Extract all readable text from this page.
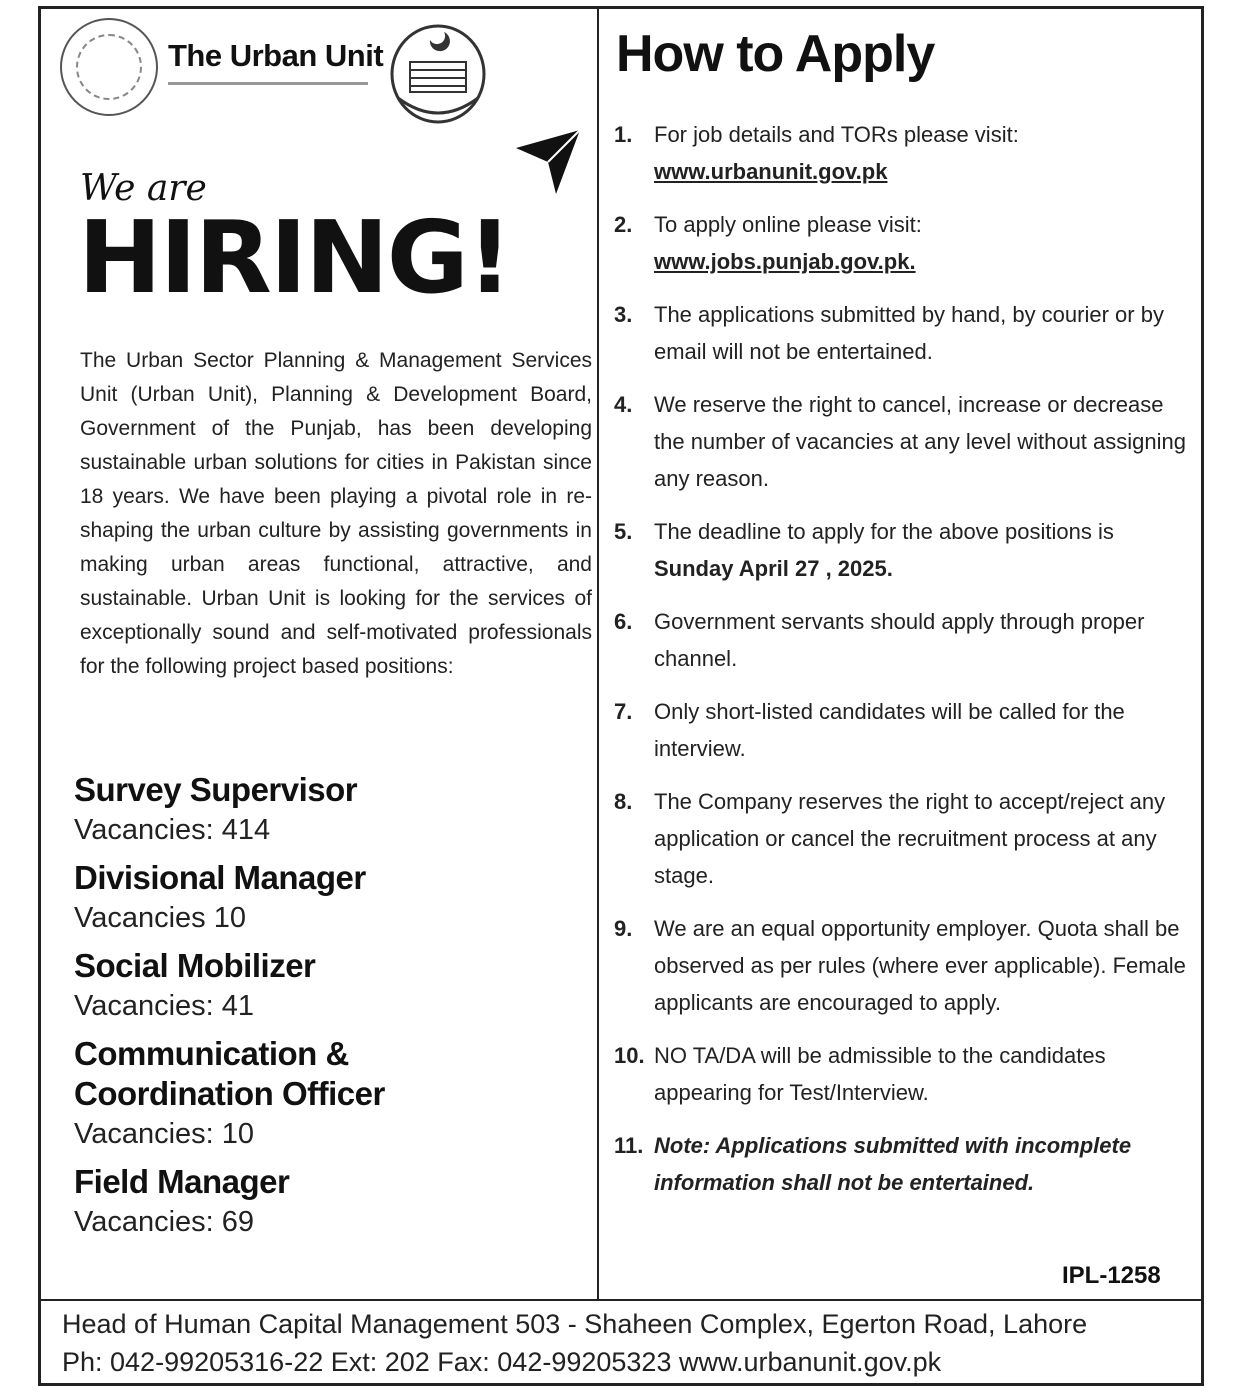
The Urban Unit
We are
HIRING!
The Urban Sector Planning & Management Services Unit (Urban Unit), Planning & Development Board, Government of the Punjab, has been developing sustainable urban solutions for cities in Pakistan since 18 years. We have been playing a pivotal role in re-shaping the urban culture by assisting governments in making urban areas functional, attractive, and sustainable. Urban Unit is looking for the services of exceptionally sound and self-motivated professionals for the following project based positions:
Survey Supervisor
Vacancies: 414
Divisional Manager
Vacancies 10
Social Mobilizer
Vacancies: 41
Communication & Coordination Officer
Vacancies: 10
Field Manager
Vacancies: 69
How to Apply
1. For job details and TORs please visit:
www.urbanunit.gov.pk
2. To apply online please visit:
www.jobs.punjab.gov.pk.
3. The applications submitted by hand, by courier or by email will not be entertained.
4. We reserve the right to cancel, increase or decrease the number of vacancies at any level without assigning any reason.
5. The deadline to apply for the above positions is Sunday April 27 , 2025.
6. Government servants should apply through proper channel.
7. Only short-listed candidates will be called for the interview.
8. The Company reserves the right to accept/reject any application or cancel the recruitment process at any stage.
9. We are an equal opportunity employer. Quota shall be observed as per rules (where ever applicable). Female applicants are encouraged to apply.
10. NO TA/DA will be admissible to the candidates appearing for Test/Interview.
11. Note: Applications submitted with incomplete information shall not be entertained.
IPL-1258
Head of Human Capital Management 503 - Shaheen Complex, Egerton Road, Lahore
Ph: 042-99205316-22 Ext: 202 Fax: 042-99205323 www.urbanunit.gov.pk
